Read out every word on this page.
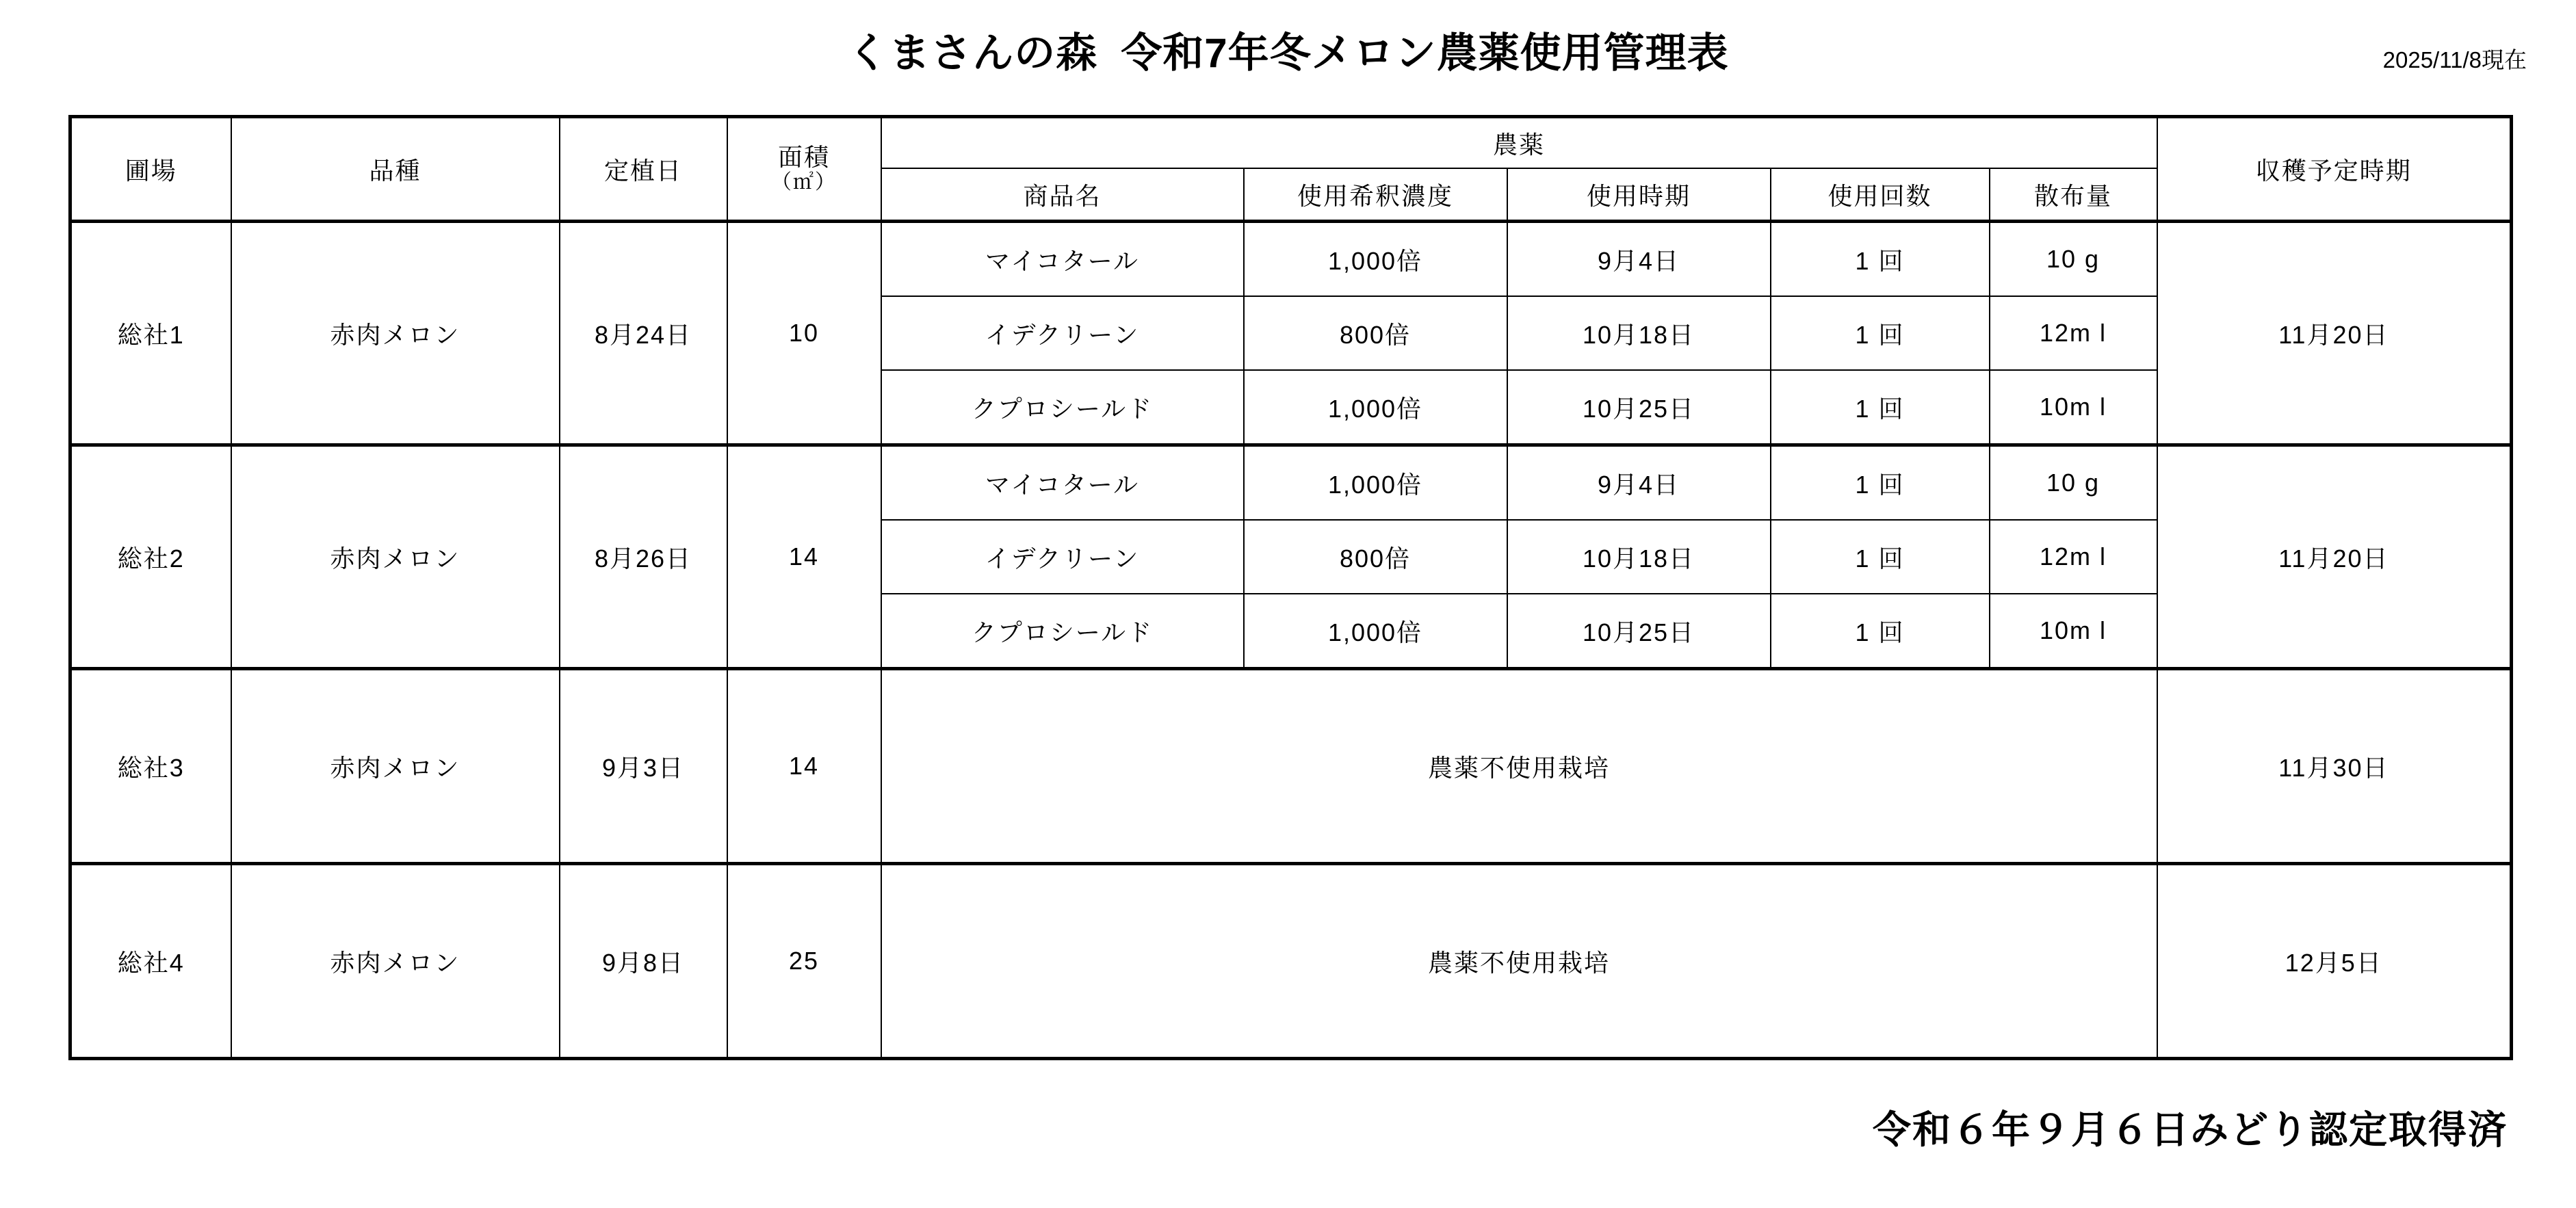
くまさんの森 令和7年冬メロン農薬使用管理表	2025/11/8現在
圃場	品種	定植日	面積
（㎡）	農薬					収穫予定時期
				商品名	使用希釈濃度	使用時期	使用回数	散布量	
総社1	赤肉メロン	8月24日	10	マイコタール	1,000倍	9月4日	1 回	10 g	11月20日
				イデクリーン	800倍	10月18日	1 回	12m l	
				クプロシールド	1,000倍	10月25日	1 回	10m l	
総社2	赤肉メロン	8月26日	14	マイコタール	1,000倍	9月4日	1 回	10 g	11月20日
				イデクリーン	800倍	10月18日	1 回	12m l	
				クプロシールド	1,000倍	10月25日	1 回	10m l	
総社3	赤肉メロン	9月3日	14	農薬不使用栽培					11月30日
総社4	赤肉メロン	9月8日	25	農薬不使用栽培					12月5日
令和６年９月６日みどり認定取得済
